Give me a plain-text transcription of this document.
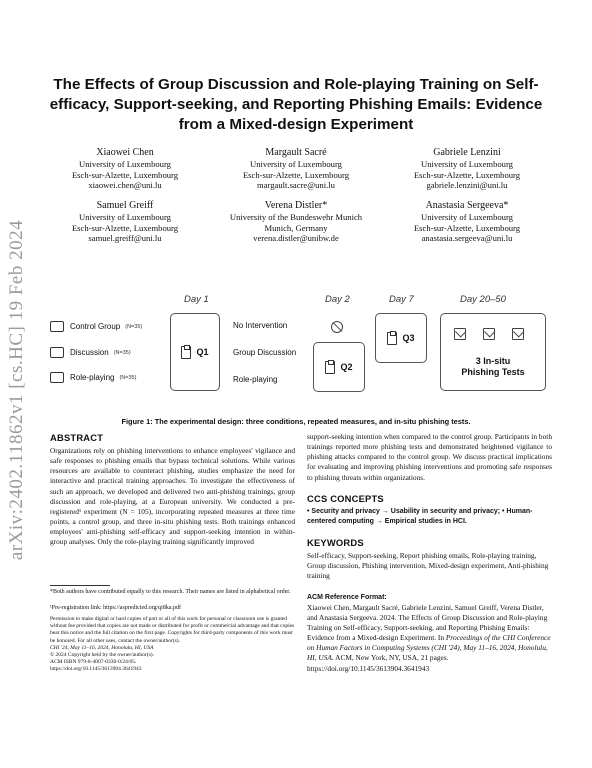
arXiv:2402.11862v1 [cs.HC] 19 Feb 2024
The Effects of Group Discussion and Role-playing Training on Self-efficacy, Support-seeking, and Reporting Phishing Emails: Evidence from a Mixed-design Experiment
Xiaowei Chen
University of Luxembourg
Esch-sur-Alzette, Luxembourg
xiaowei.chen@uni.lu
Margault Sacré
University of Luxembourg
Esch-sur-Alzette, Luxembourg
margault.sacre@uni.lu
Gabriele Lenzini
University of Luxembourg
Esch-sur-Alzette, Luxembourg
gabriele.lenzini@uni.lu
Samuel Greiff
University of Luxembourg
Esch-sur-Alzette, Luxembourg
samuel.greiff@uni.lu
Verena Distler*
University of the Bundeswehr Munich
Munich, Germany
verena.distler@unibw.de
Anastasia Sergeeva*
University of Luxembourg
Esch-sur-Alzette, Luxembourg
anastasia.sergeeva@uni.lu
Day 1	Day 2	Day 7	Day 20–50
Control Group (N=35)
Discussion (N=35)
Role-playing (N=35)
Q1
No Intervention
Group Discussion
Role-playing
Q2
Q3
3 In-situ Phishing Tests
Figure 1: The experimental design: three conditions, repeated measures, and in-situ phishing tests.
ABSTRACT
Organizations rely on phishing interventions to enhance employees' vigilance and safe responses to phishing emails that bypass technical solutions. While various resources are available to counteract phishing, studies emphasize the need for interactive and practical training approaches. To investigate the effectiveness of such an approach, we developed and delivered two anti-phishing trainings, group discussion and role-playing, at a European university. We conducted a pre-registered¹ experiment (N = 105), incorporating repeated measures at three time points, a control group, and three in-situ phishing tests. Both trainings enhanced employees' anti-phishing self-efficacy and support-seeking intention in within-group analyses. Only the role-playing training significantly improved
*Both authors have contributed equally to this research. Their names are listed in alphabetical order.
¹Pre-registration link: https://aspredicted.org/qi8ka.pdf
Permission to make digital or hard copies of part or all of this work for personal or classroom use is granted without fee provided that copies are not made or distributed for profit or commercial advantage and that copies bear this notice and the full citation on the first page. Copyrights for third-party components of this work must be honored. For all other uses, contact the owner/author(s).
CHI '24, May 11–16, 2024, Honolulu, HI, USA
© 2024 Copyright held by the owner/author(s).
ACM ISBN 979-8-4007-0330-0/24/05.
https://doi.org/10.1145/3613904.3641943
support-seeking intention when compared to the control group. Participants in both trainings reported more phishing tests and demonstrated heightened vigilance to phishing attacks compared to the control group. We discuss practical implications for evaluating and improving phishing interventions and promoting safe responses to phishing threats within organizations.
CCS CONCEPTS
• Security and privacy → Usability in security and privacy; • Human-centered computing → Empirical studies in HCI.
KEYWORDS
Self-efficacy, Support-seeking, Report phishing emails, Role-playing training, Group discussion, Phishing intervention, Mixed-design experiment, Anti-phishing training
ACM Reference Format:
Xiaowei Chen, Margault Sacré, Gabriele Lenzini, Samuel Greiff, Verena Distler, and Anastasia Sergeeva. 2024. The Effects of Group Discussion and Role-playing Training on Self-efficacy, Support-seeking, and Reporting Phishing Emails: Evidence from a Mixed-design Experiment. In Proceedings of the CHI Conference on Human Factors in Computing Systems (CHI '24), May 11–16, 2024, Honolulu, HI, USA. ACM, New York, NY, USA, 21 pages. https://doi.org/10.1145/3613904.3641943
